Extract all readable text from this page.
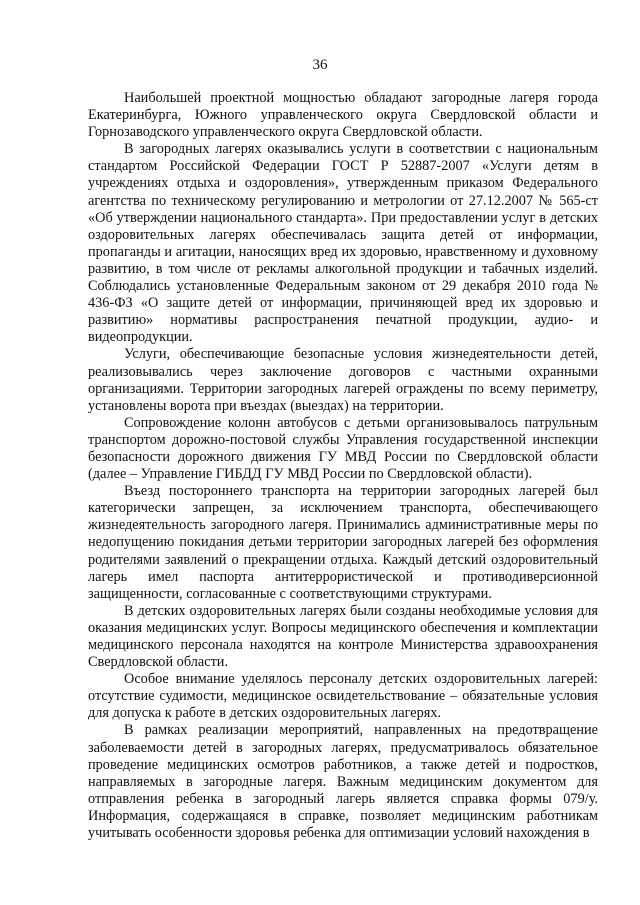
36

Наибольшей проектной мощностью обладают загородные лагеря города Екатеринбурга, Южного управленческого округа Свердловской области и Горнозаводского управленческого округа Свердловской области.

В загородных лагерях оказывались услуги в соответствии с национальным стандартом Российской Федерации ГОСТ Р 52887-2007 «Услуги детям в учреждениях отдыха и оздоровления», утвержденным приказом Федерального агентства по техническому регулированию и метрологии от 27.12.2007 № 565-ст «Об утверждении национального стандарта». При предоставлении услуг в детских оздоровительных лагерях обеспечивалась защита детей от информации, пропаганды и агитации, наносящих вред их здоровью, нравственному и духовному развитию, в том числе от рекламы алкогольной продукции и табачных изделий. Соблюдались установленные Федеральным законом от 29 декабря 2010 года № 436-ФЗ «О защите детей от информации, причиняющей вред их здоровью и развитию» нормативы распространения печатной продукции, аудио- и видеопродукции.

Услуги, обеспечивающие безопасные условия жизнедеятельности детей, реализовывались через заключение договоров с частными охранными организациями. Территории загородных лагерей ограждены по всему периметру, установлены ворота при въездах (выездах) на территории.

Сопровождение колонн автобусов с детьми организовывалось патрульным транспортом дорожно-постовой службы Управления государственной инспекции безопасности дорожного движения ГУ МВД России по Свердловской области (далее – Управление ГИБДД ГУ МВД России по Свердловской области).

Въезд постороннего транспорта на территории загородных лагерей был категорически запрещен, за исключением транспорта, обеспечивающего жизнедеятельность загородного лагеря. Принимались административные меры по недопущению покидания детьми территории загородных лагерей без оформления родителями заявлений о прекращении отдыха. Каждый детский оздоровительный лагерь имел паспорта антитеррористической и противодиверсионной защищенности, согласованные с соответствующими структурами.

В детских оздоровительных лагерях были созданы необходимые условия для оказания медицинских услуг. Вопросы медицинского обеспечения и комплектации медицинского персонала находятся на контроле Министерства здравоохранения Свердловской области.

Особое внимание уделялось персоналу детских оздоровительных лагерей: отсутствие судимости, медицинское освидетельствование – обязательные условия для допуска к работе в детских оздоровительных лагерях.

В рамках реализации мероприятий, направленных на предотвращение заболеваемости детей в загородных лагерях, предусматривалось обязательное проведение медицинских осмотров работников, а также детей и подростков, направляемых в загородные лагеря. Важным медицинским документом для отправления ребенка в загородный лагерь является справка формы 079/у. Информация, содержащаяся в справке, позволяет медицинским работникам учитывать особенности здоровья ребенка для оптимизации условий нахождения в
